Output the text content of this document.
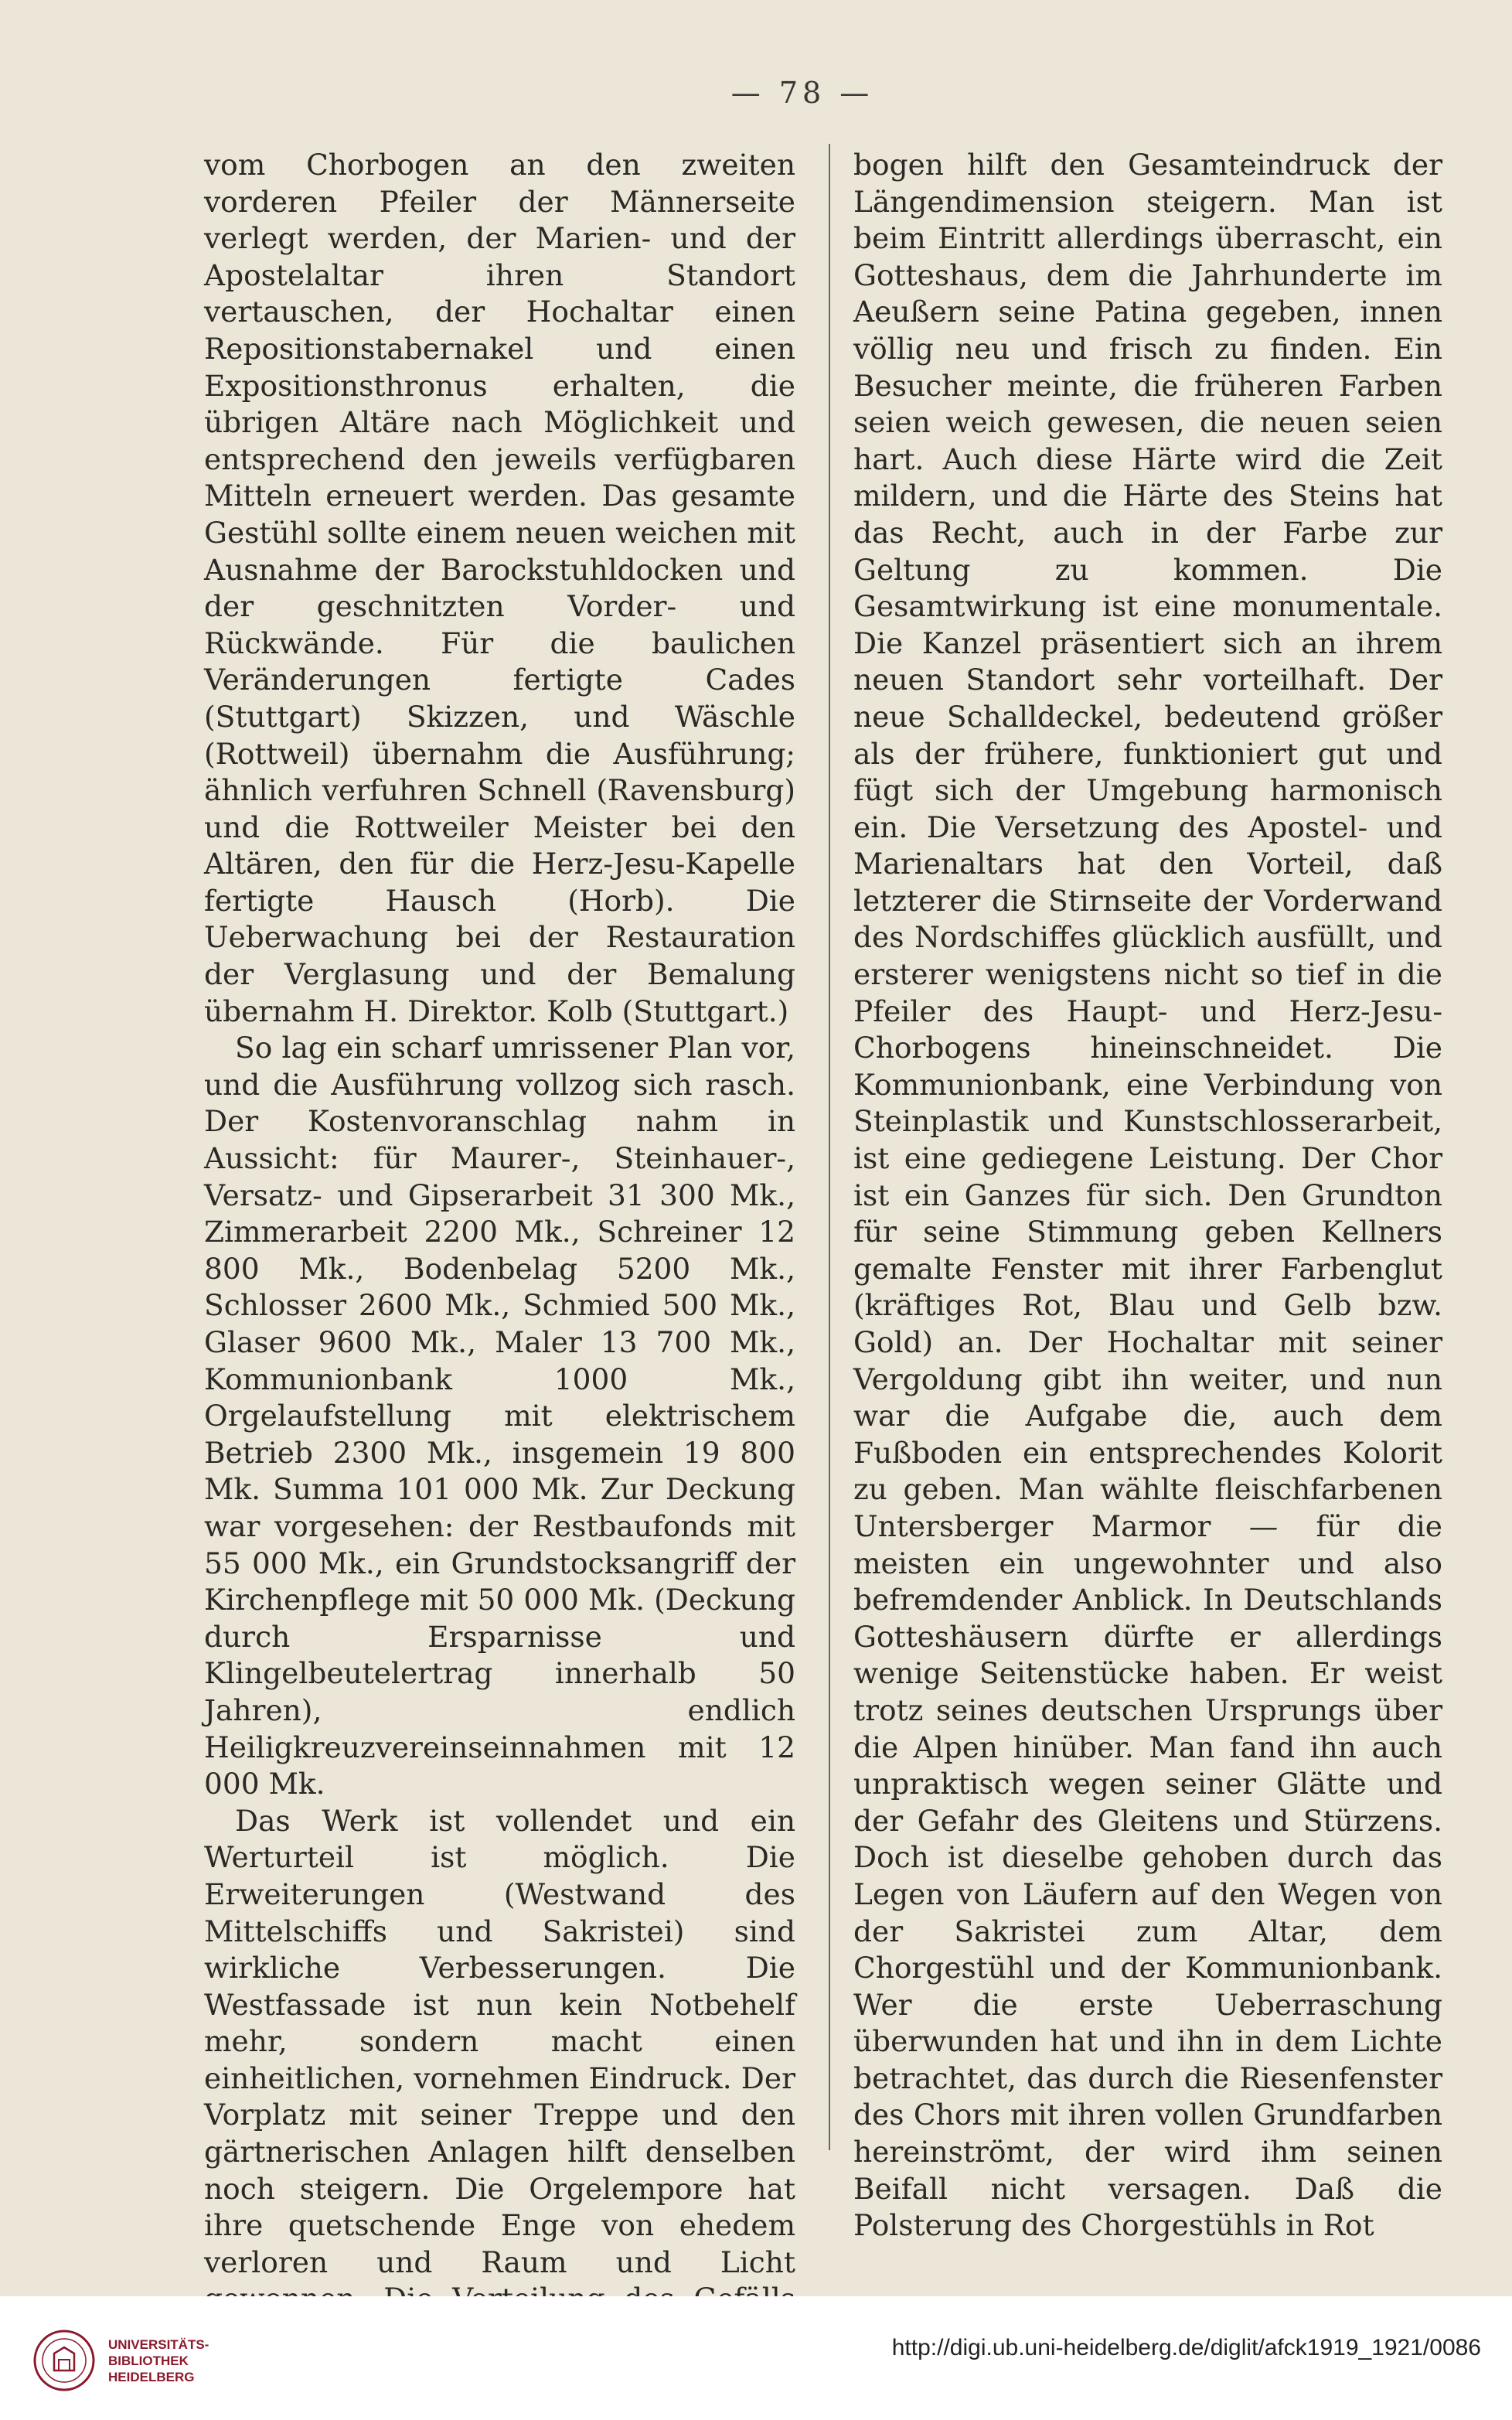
— 78 —

vom Chorbogen an den zweiten vorderen Pfeiler der Männerseite verlegt werden, der Marien- und der Apostelaltar ihren Standort vertauschen, der Hochaltar einen Repositionstabernakel und einen Expositionsthronus erhalten, die übrigen Altäre nach Möglichkeit und entsprechend den jeweils verfügbaren Mitteln erneuert werden. Das gesamte Gestühl sollte einem neuen weichen mit Ausnahme der Barockstuhldocken und der geschnitzten Vorder- und Rückwände. Für die baulichen Veränderungen fertigte Cades (Stuttgart) Skizzen, und Wäschle (Rottweil) übernahm die Ausführung; ähnlich verfuhren Schnell (Ravensburg) und die Rottweiler Meister bei den Altären, den für die Herz-Jesu-Kapelle fertigte Hausch (Horb). Die Ueberwachung bei der Restauration der Verglasung und der Bemalung übernahm H. Direktor. Kolb (Stuttgart.)

So lag ein scharf umrissener Plan vor, und die Ausführung vollzog sich rasch. Der Kostenvoranschlag nahm in Aussicht: für Maurer-, Steinhauer-, Versatz- und Gipserarbeit 31 300 Mk., Zimmerarbeit 2200 Mk., Schreiner 12 800 Mk., Bodenbelag 5200 Mk., Schlosser 2600 Mk., Schmied 500 Mk., Glaser 9600 Mk., Maler 13 700 Mk., Kommunionbank 1000 Mk., Orgelaufstellung mit elektrischem Betrieb 2300 Mk., insgemein 19 800 Mk. Summa 101 000 Mk. Zur Deckung war vorgesehen: der Restbaufonds mit 55 000 Mk., ein Grundstocksangriff der Kirchenpflege mit 50 000 Mk. (Deckung durch Ersparnisse und Klingelbeutelertrag innerhalb 50 Jahren), endlich Heiligkreuzvereinseinnahmen mit 12 000 Mk.

Das Werk ist vollendet und ein Werturteil ist möglich. Die Erweiterungen (Westwand des Mittelschiffs und Sakristei) sind wirkliche Verbesserungen. Die Westfassade ist nun kein Notbehelf mehr, sondern macht einen einheitlichen, vornehmen Eindruck. Der Vorplatz mit seiner Treppe und den gärtnerischen Anlagen hilft denselben noch steigern. Die Orgelempore hat ihre quetschende Enge von ehedem verloren und Raum und Licht

bogen hilft den Gesamteindruck der Längendimension steigern. Man ist beim Eintritt allerdings überrascht, ein Gotteshaus, dem die Jahrhunderte im Aeußern seine Patina gegeben, innen völlig neu und frisch zu finden. Ein Besucher meinte, die früheren Farben seien weich gewesen, die neuen seien hart. Auch diese Härte wird die Zeit mildern, und die Härte des Steins hat das Recht, auch in der Farbe zur Geltung zu kommen. Die Gesamtwirkung ist eine monumentale. Die Kanzel präsentiert sich an ihrem neuen Standort sehr vorteilhaft. Der neue Schalldeckel, bedeutend größer als der frühere, funktioniert gut und fügt sich der Umgebung harmonisch ein. Die Versetzung des Apostel- und Marienaltars hat den Vorteil, daß letzterer die Stirnseite der Vorderwand des Nordschiffes glücklich ausfüllt, und ersterer wenigstens nicht so tief in die Pfeiler des Haupt- und Herz-Jesu-Chorbogens hineinschneidet. Die Kommunionbank, eine Verbindung von Steinplastik und Kunstschlosserarbeit, ist eine gediegene Leistung. Der Chor ist ein Ganzes für sich. Den Grundton für seine Stimmung geben Kellners gemalte Fenster mit ihrer Farbenglut (kräftiges Rot, Blau und Gelb bzw. Gold) an. Der Hochaltar mit seiner Vergoldung gibt ihn weiter, und nun war die Aufgabe die, auch dem Fußboden ein entsprechendes Kolorit zu geben. Man wählte fleischfarbenen Untersberger Marmor — für die meisten ein ungewohnter und also befremdender Anblick. In Deutschlands Gotteshäusern dürfte er allerdings wenige Seitenstücke haben. Er weist trotz seines deutschen Ursprungs über die Alpen hinüber. Man fand ihn auch unpraktisch wegen seiner Glätte und der Gefahr des Gleitens und Stürzens. Doch ist dieselbe gehoben durch das Legen von Läufern auf den Wegen von der Sakristei zum Altar, dem Chorgestühl und der Kommunionbank. Wer die erste Ueberraschung überwunden hat und ihn in dem Lichte betrachtet, das durch die Riesenfenster des Chors mit ihren vollen Grundfarben hereinströmt, der wird ihm seinen Beifall nicht versagen. Daß die Polsterung des Chorgestühls in Rot

UNIVERSITÄTS-
BIBLIOTHEK
HEIDELBERG
http://digi.ub.uni-heidelberg.de/diglit/afck1919_1921/0086
